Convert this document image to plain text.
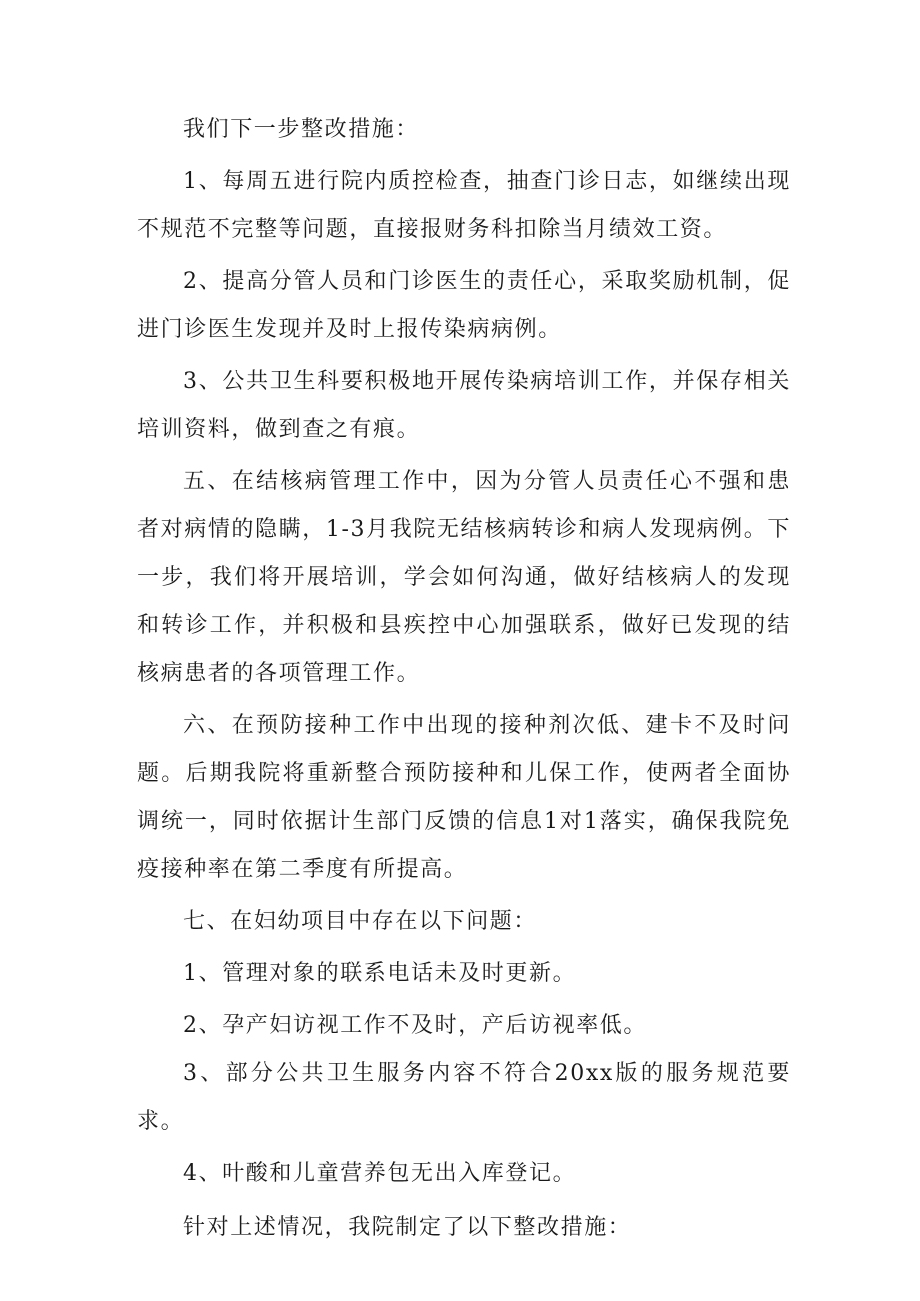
我们下一步整改措施：

1、每周五进行院内质控检查，抽查门诊日志，如继续出现不规范不完整等问题，直接报财务科扣除当月绩效工资。

2、提高分管人员和门诊医生的责任心，采取奖励机制，促进门诊医生发现并及时上报传染病病例。

3、公共卫生科要积极地开展传染病培训工作，并保存相关培训资料，做到查之有痕。

五、在结核病管理工作中，因为分管人员责任心不强和患者对病情的隐瞒，1-3月我院无结核病转诊和病人发现病例。下一步，我们将开展培训，学会如何沟通，做好结核病人的发现和转诊工作，并积极和县疾控中心加强联系，做好已发现的结核病患者的各项管理工作。

六、在预防接种工作中出现的接种剂次低、建卡不及时问题。后期我院将重新整合预防接种和儿保工作，使两者全面协调统一，同时依据计生部门反馈的信息1对1落实，确保我院免疫接种率在第二季度有所提高。

七、在妇幼项目中存在以下问题：

1、管理对象的联系电话未及时更新。

2、孕产妇访视工作不及时，产后访视率低。

3、部分公共卫生服务内容不符合20xx版的服务规范要求。

4、叶酸和儿童营养包无出入库登记。

针对上述情况，我院制定了以下整改措施：
